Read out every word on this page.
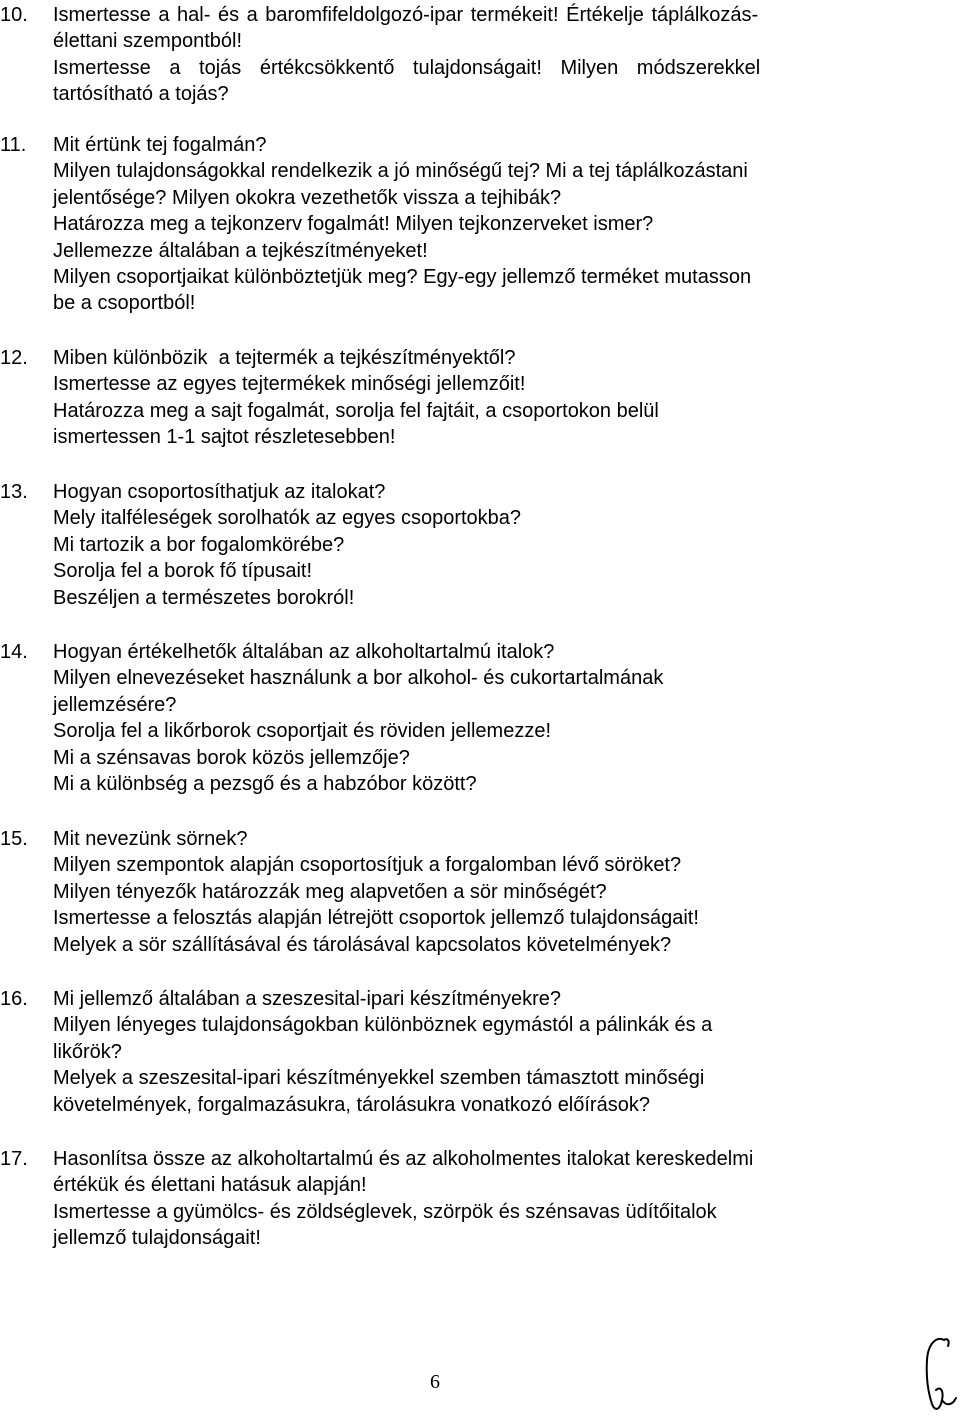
10. Ismertesse a hal- és a baromfifeldolgozó-ipar termékeit! Értékelje táplálkozás-
élettani szempontból!
Ismertesse a tojás értékcsökkentő tulajdonságait! Milyen módszerekkel
tartósítható a tojás?
11. Mit értünk tej fogalmán?
Milyen tulajdonságokkal rendelkezik a jó minőségű tej? Mi a tej táplálkozástani
jelentősége? Milyen okokra vezethetők vissza a tejhibák?
Határozza meg a tejkonzerv fogalmát! Milyen tejkonzerveket ismer?
Jellemezze általában a tejkészítményeket!
Milyen csoportjaikat különböztetjük meg? Egy-egy jellemző terméket mutasson
be a csoportból!
12. Miben különbözik  a tejtermék a tejkészítményektől?
Ismertesse az egyes tejtermékek minőségi jellemzőit!
Határozza meg a sajt fogalmát, sorolja fel fajtáit, a csoportokon belül
ismertessen 1-1 sajtot részletesebben!
13. Hogyan csoportosíthatjuk az italokat?
Mely italféleségek sorolhatók az egyes csoportokba?
Mi tartozik a bor fogalomkörébe?
Sorolja fel a borok fő típusait!
Beszéljen a természetes borokról!
14. Hogyan értékelhetők általában az alkoholtartalmú italok?
Milyen elnevezéseket használunk a bor alkohol- és cukortartalmának
jellemzésére?
Sorolja fel a likőrborok csoportjait és röviden jellemezze!
Mi a szénsavas borok közös jellemzője?
Mi a különbség a pezsgő és a habzóbor között?
15. Mit nevezünk sörnek?
Milyen szempontok alapján csoportosítjuk a forgalomban lévő söröket?
Milyen tényezők határozzák meg alapvetően a sör minőségét?
Ismertesse a felosztás alapján létrejött csoportok jellemző tulajdonságait!
Melyek a sör szállításával és tárolásával kapcsolatos követelmények?
16. Mi jellemző általában a szeszesital-ipari készítményekre?
Milyen lényeges tulajdonságokban különböznek egymástól a pálinkák és a
likőrök?
Melyek a szeszesital-ipari készítményekkel szemben támasztott minőségi
követelmények, forgalmazásukra, tárolásukra vonatkozó előírások?
17. Hasonlítsa össze az alkoholtartalmú és az alkoholmentes italokat kereskedelmi
értékük és élettani hatásuk alapján!
Ismertesse a gyümölcs- és zöldséglevek, szörpök és szénsavas üdítőitalok
jellemző tulajdonságait!
6
